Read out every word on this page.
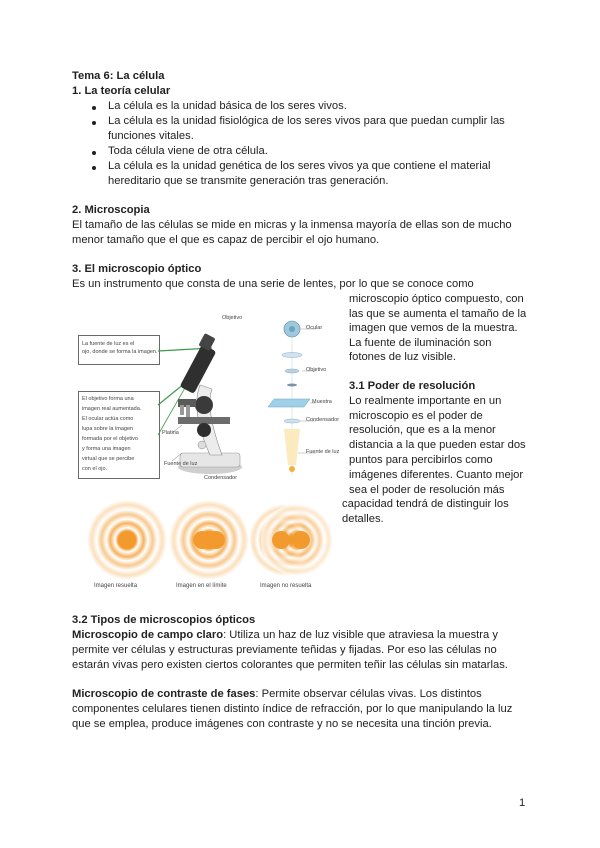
Tema 6: La célula
1. La teoría celular
La célula es la unidad básica de los seres vivos.
La célula es la unidad fisiológica de los seres vivos para que puedan cumplir las
funciones vitales.
Toda célula viene de otra célula.
La célula es la unidad genética de los seres vivos ya que contiene el material
hereditario que se transmite generación tras generación.
2. Microscopia
El tamaño de las células se mide en micras y la inmensa mayoría de ellas son de mucho
menor tamaño que el que es capaz de percibir el ojo humano.
3. El microscopio óptico
Es un instrumento que consta de una serie de lentes, por lo que se conoce como
microscopio óptico compuesto, con
las que se aumenta el tamaño de la
imagen que vemos de la muestra.
La fuente de iluminación son
fotones de luz visible.
3.1 Poder de resolución
Lo realmente importante en un
microscopio es el poder de
resolución, que es a la menor
distancia a la que pueden estar dos
puntos para percibirlos como
imágenes diferentes. Cuanto mejor
sea el poder de resolución más
capacidad tendrá de distinguir los
detalles.
La fuente de luz es el
ojo, donde se forma la imagen.
El objetivo forma una
imagen real aumentada.
El ocular actúa como
lupa sobre la imagen
formada por el objetivo
y forma una imagen
virtual que se percibe
con el ojo.
Platina
Fuente de luz
Condensador
Objetivo
Ocular
Objetivo
Muestra
Condensador
Fuente de luz
Imagen resuelta	Imagen en el límite	Imagen no resuelta
3.2 Tipos de microscopios ópticos
Microscopio de campo claro: Utiliza un haz de luz visible que atraviesa la muestra y
permite ver células y estructuras previamente teñidas y fijadas. Por eso las células no
estarán vivas pero existen ciertos colorantes que permiten teñir las células sin matarlas.
Microscopio de contraste de fases: Permite observar células vivas. Los distintos
componentes celulares tienen distinto índice de refracción, por lo que manipulando la luz
que se emplea, produce imágenes con contraste y no se necesita una tinción previa.
1
